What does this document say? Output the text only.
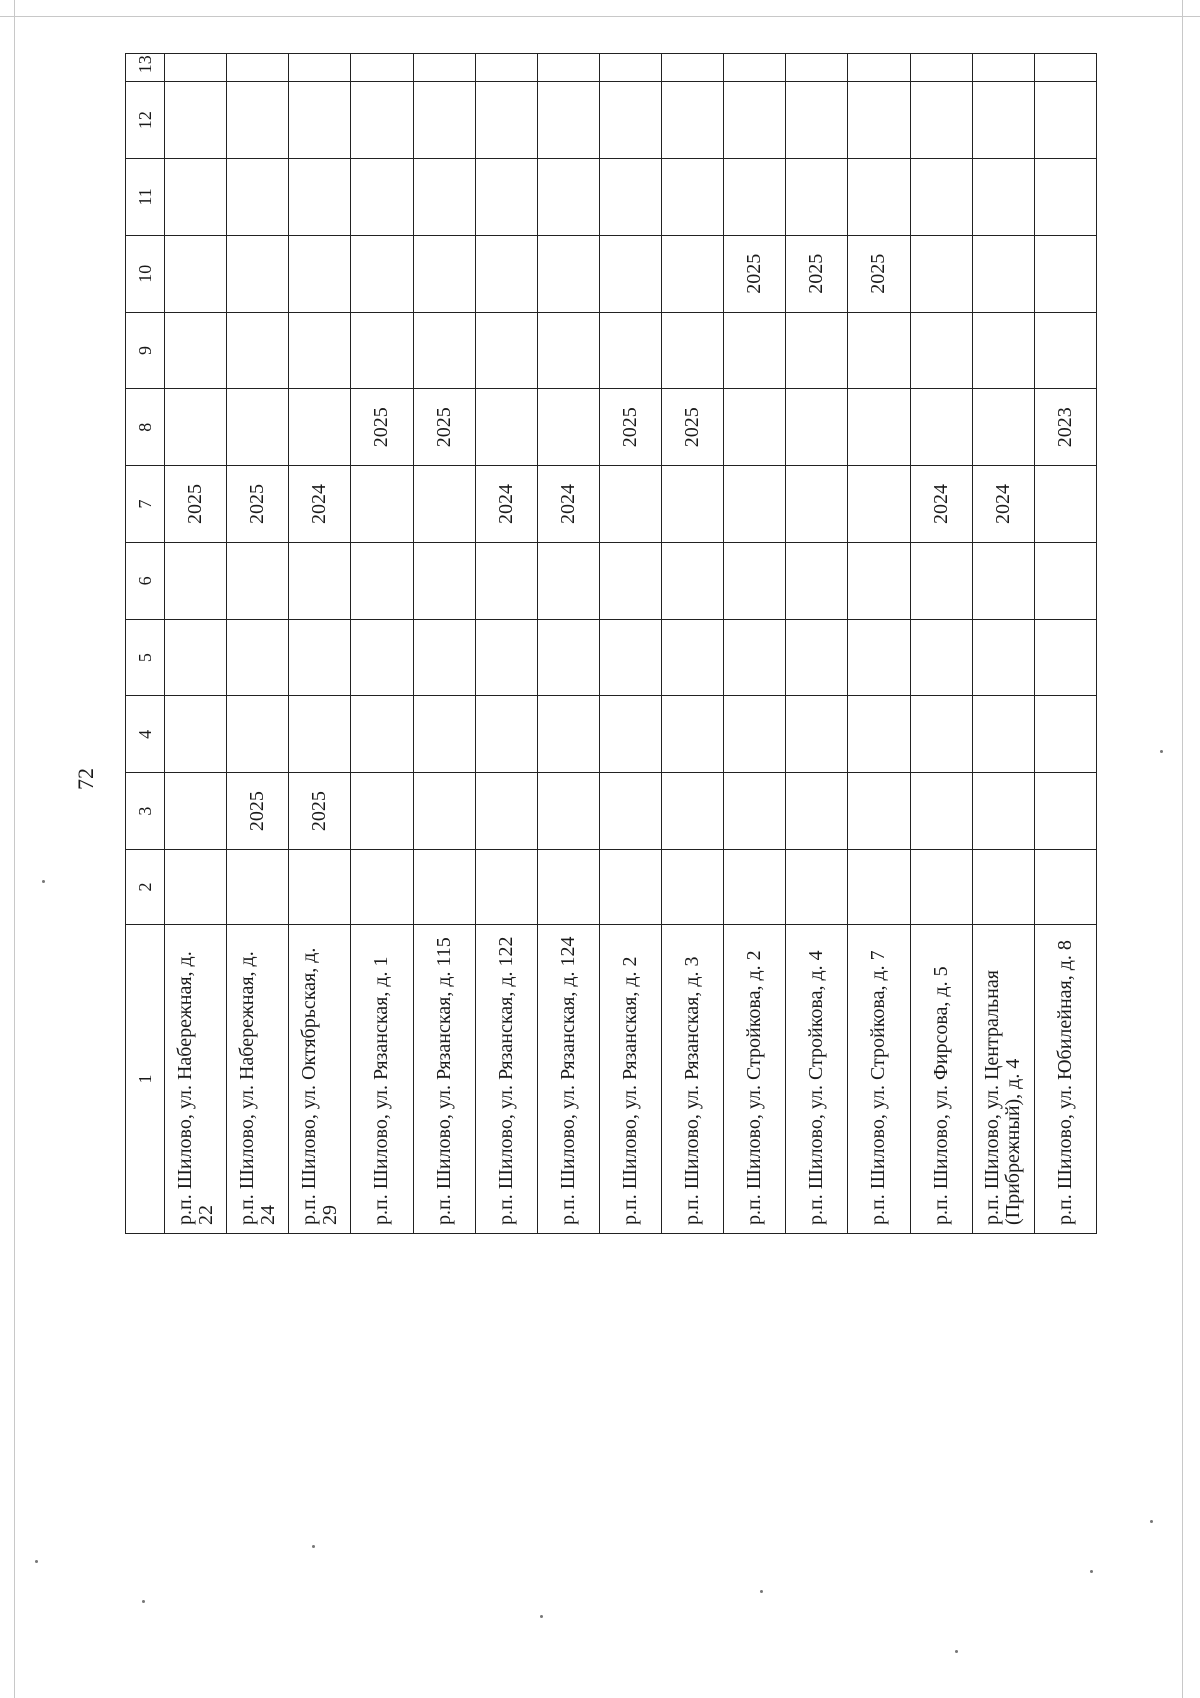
72
1	2	3	4	5	6	7	8	9	10	11	12	13
р.п. Шилово, ул. Набережная, д. 22						2025						
р.п. Шилово, ул. Набережная, д. 24		2025				2025						
р.п. Шилово, ул. Октябрьская, д. 29		2025				2024						
р.п. Шилово, ул. Рязанская, д. 1							2025					
р.п. Шилово, ул. Рязанская, д. 115							2025					
р.п. Шилово, ул. Рязанская, д. 122						2024						
р.п. Шилово, ул. Рязанская, д. 124						2024						
р.п. Шилово, ул. Рязанская, д. 2							2025					
р.п. Шилово, ул. Рязанская, д. 3							2025					
р.п. Шилово, ул. Стройкова, д. 2									2025			
р.п. Шилово, ул. Стройкова, д. 4									2025			
р.п. Шилово, ул. Стройкова, д. 7									2025			
р.п. Шилово, ул. Фирсова, д. 5						2024						
р.п. Шилово, ул. Центральная (Прибрежный), д. 4						2024						
р.п. Шилово, ул. Юбилейная, д. 8							2023					
